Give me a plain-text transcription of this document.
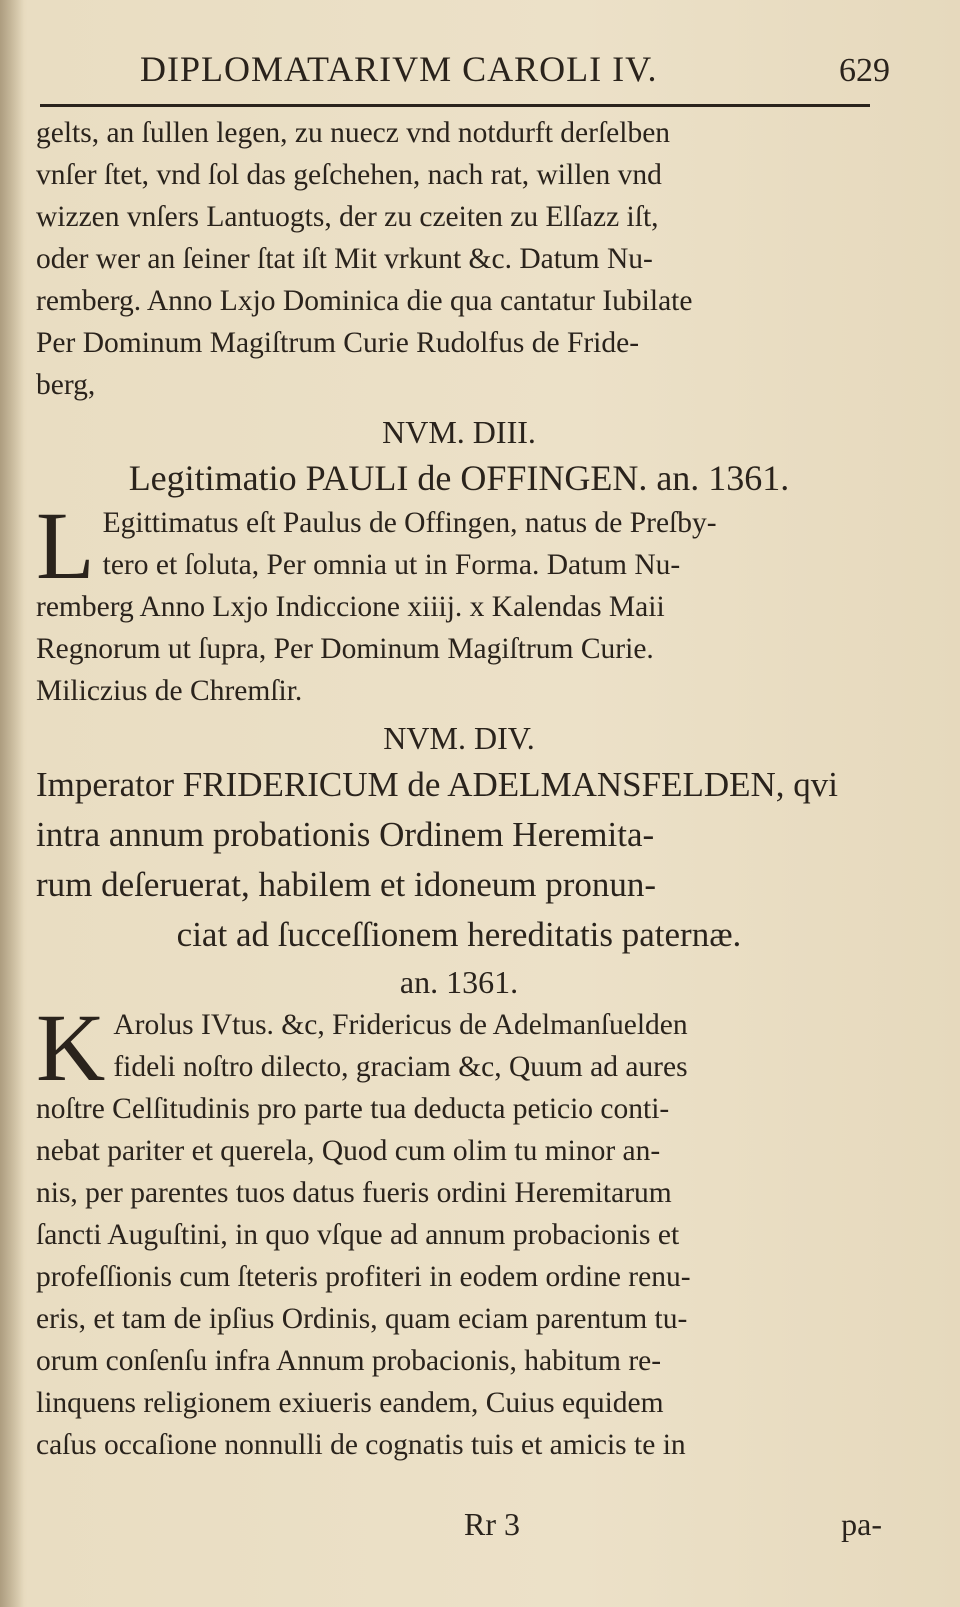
DIPLOMATARIVM CAROLI IV.	629

gelts, an ſullen legen, zu nuecz vnd notdurft derſelben
vnſer ſtet, vnd ſol das geſchehen, nach rat, willen vnd
wizzen vnſers Lantuogts, der zu czeiten zu Elſazz iſt,
oder wer an ſeiner ſtat iſt Mit vrkunt &c. Datum Nu-
remberg. Anno Lxjo Dominica die qua cantatur Iubilate
Per Dominum Magiſtrum Curie Rudolfus de Fride-
berg,

NVM. DIII.
Legitimatio PAULI de OFFINGEN. an. 1361.
L Egittimatus eſt Paulus de Offingen, natus de Preſby-
tero et ſoluta, Per omnia ut in Forma. Datum Nu-
remberg Anno Lxjo Indiccione xiiij. x Kalendas Maii
Regnorum ut ſupra, Per Dominum Magiſtrum Curie.
Miliczius de Chremſir.
NVM. DIV.
Imperator FRIDERICUM de ADELMANSFELDEN, qvi
intra annum probationis Ordinem Heremita-
rum deſeruerat, habilem et idoneum pronun-
ciat ad ſucceſſionem hereditatis paternæ.
an. 1361.
K Arolus IVtus. &c, Fridericus de Adelmanſuelden
fideli noſtro dilecto, graciam &c, Quum ad aures
noſtre Celſitudinis pro parte tua deducta peticio conti-
nebat pariter et querela, Quod cum olim tu minor an-
nis, per parentes tuos datus fueris ordini Heremitarum
ſancti Auguſtini, in quo vſque ad annum probacionis et
profeſſionis cum ſteteris profiteri in eodem ordine renu-
eris, et tam de ipſius Ordinis, quam eciam parentum tu-
orum conſenſu infra Annum probacionis, habitum re-
linquens religionem exiueris eandem, Cuius equidem
caſus occaſione nonnulli de cognatis tuis et amicis te in
Rr 3	pa-
